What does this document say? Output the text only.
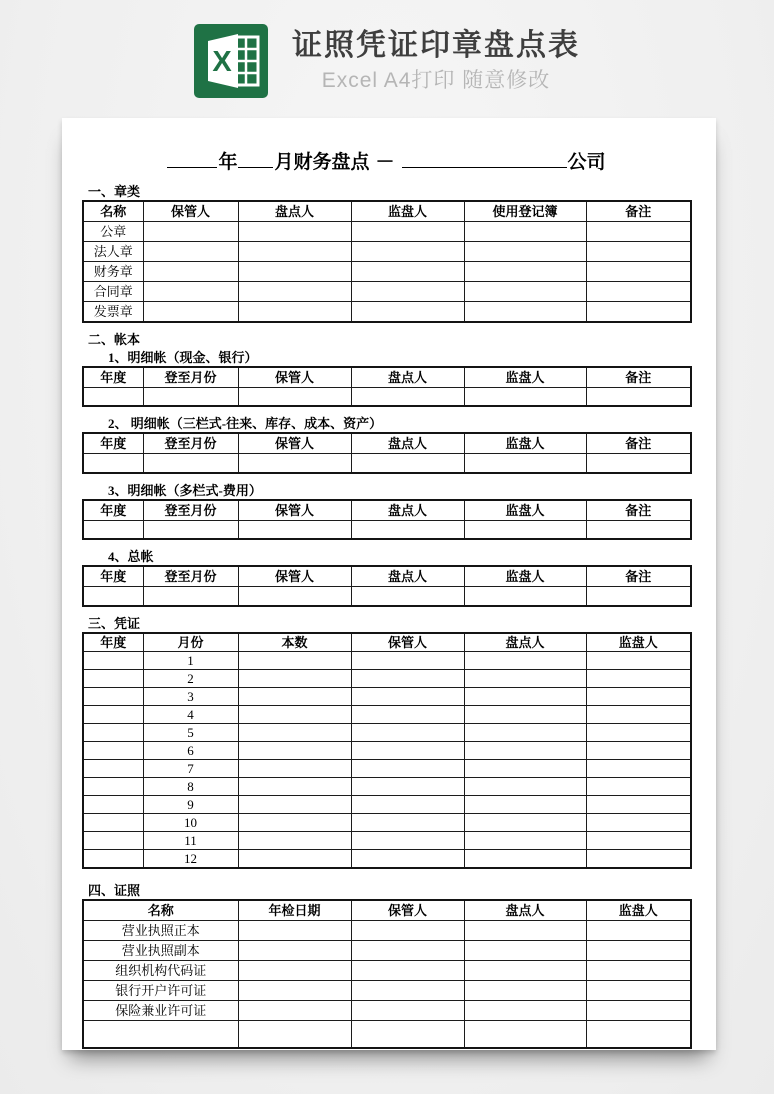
X 证照凭证印章盘点表
Excel A4打印 随意修改
年 月财务盘点 －	公司
一、章类
名称	保管人	盘点人	监盘人	使用登记簿	备注
公章					
法人章					
财务章					
合同章					
发票章					
二、帐本
1、明细帐（现金、银行）
年度	登至月份	保管人	盘点人	监盘人	备注

2、 明细帐（三栏式-往来、库存、成本、资产）
年度	登至月份	保管人	盘点人	监盘人	备注

3、明细帐（多栏式-费用）
年度	登至月份	保管人	盘点人	监盘人	备注

4、总帐
年度	登至月份	保管人	盘点人	监盘人	备注

三、凭证
年度	月份	本数	保管人	盘点人	监盘人
	1				
	2				
	3				
	4				
	5				
	6				
	7				
	8				
	9				
	10				
	11				
	12				
四、证照
名称	年检日期	保管人	盘点人	监盘人
营业执照正本				
营业执照副本				
组织机构代码证				
银行开户许可证				
保险兼业许可证				
